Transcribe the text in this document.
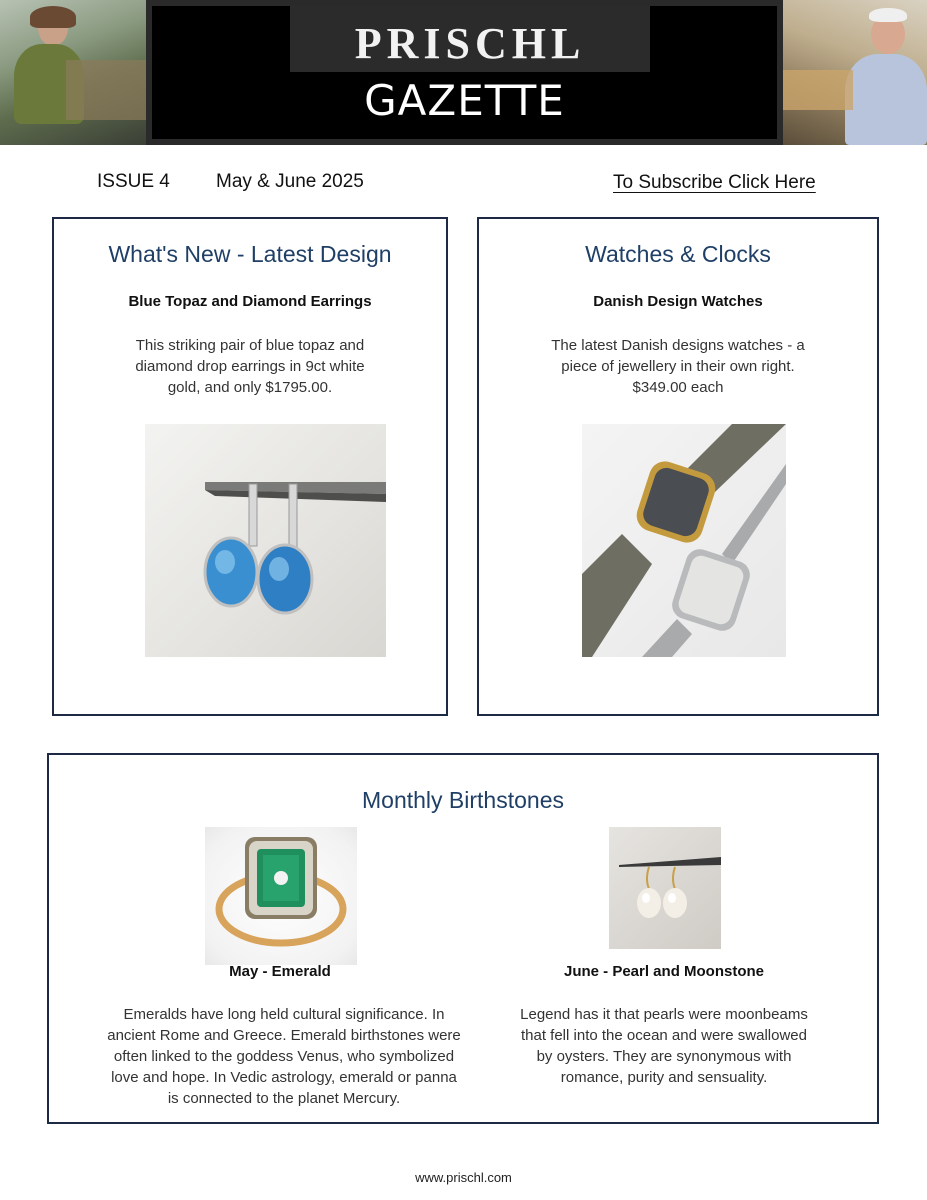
PRISCHL
GAZETTE
ISSUE 4 May & June 2025	To Subscribe Click Here
What's New - Latest Design
Blue Topaz and Diamond Earrings
This striking pair of blue topaz and
diamond drop earrings in 9ct white
gold, and only $1795.00.
Watches & Clocks
Danish Design Watches
The latest Danish designs watches - a
piece of jewellery in their own right.
$349.00 each
Monthly Birthstones
May - Emerald
Emeralds have long held cultural significance. In
ancient Rome and Greece. Emerald birthstones were
often linked to the goddess Venus, who symbolized
love and hope. In Vedic astrology, emerald or panna
is connected to the planet Mercury.
June - Pearl and Moonstone
Legend has it that pearls were moonbeams
that fell into the ocean and were swallowed
by oysters. They are synonymous with
romance, purity and sensuality.
www.prischl.com
